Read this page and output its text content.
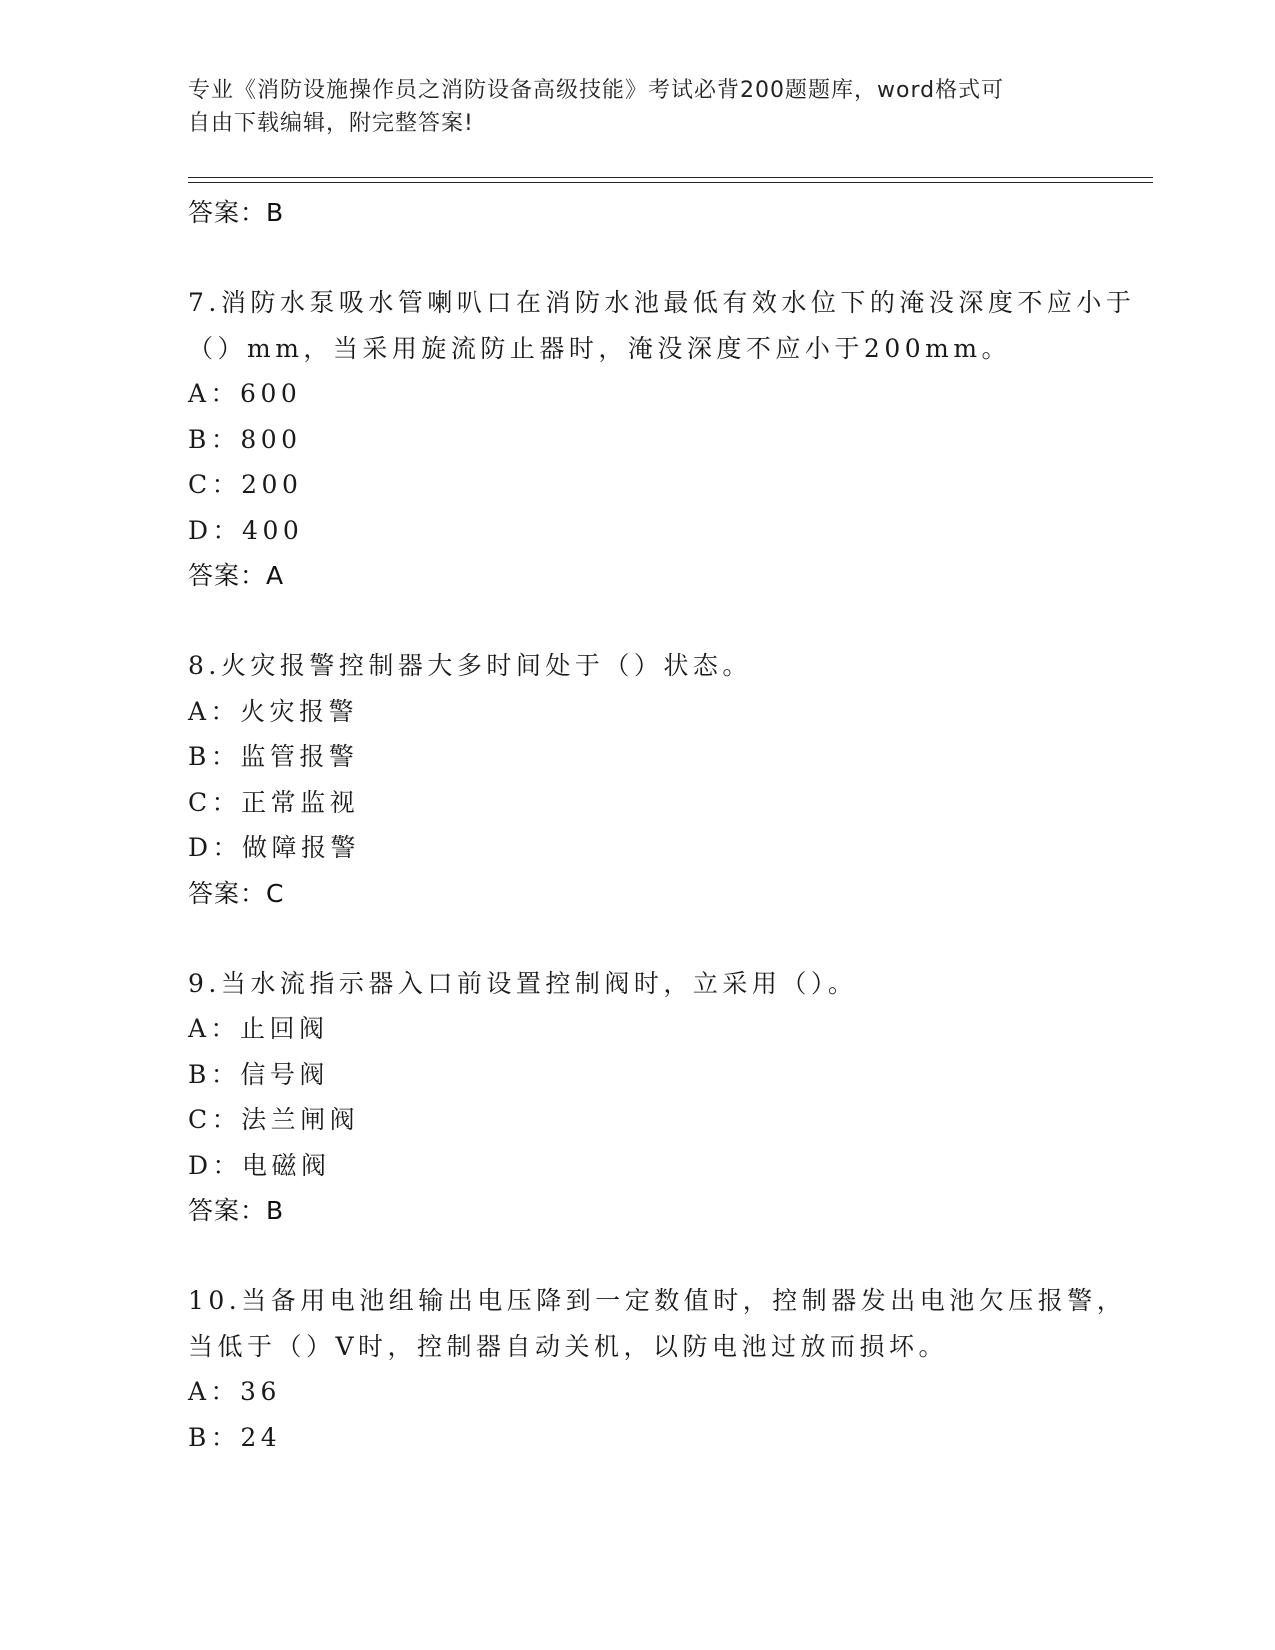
专业《消防设施操作员之消防设备高级技能》考试必背200题题库，word格式可
自由下载编辑，附完整答案!
答案：B
7.消防水泵吸水管喇叭口在消防水池最低有效水位下的淹没深度不应小于（）mm，当采用旋流防止器时，淹没深度不应小于200mm。
A：600
B：800
C：200
D：400
答案：A
8.火灾报警控制器大多时间处于（）状态。
A：火灾报警
B：监管报警
C：正常监视
D：做障报警
答案：C
9.当水流指示器入口前设置控制阀时，立采用（）。
A：止回阀
B：信号阀
C：法兰闸阀
D：电磁阀
答案：B
10.当备用电池组输出电压降到一定数值时，控制器发出电池欠压报警，当低于（）V时，控制器自动关机，以防电池过放而损坏。
A：36
B：24
